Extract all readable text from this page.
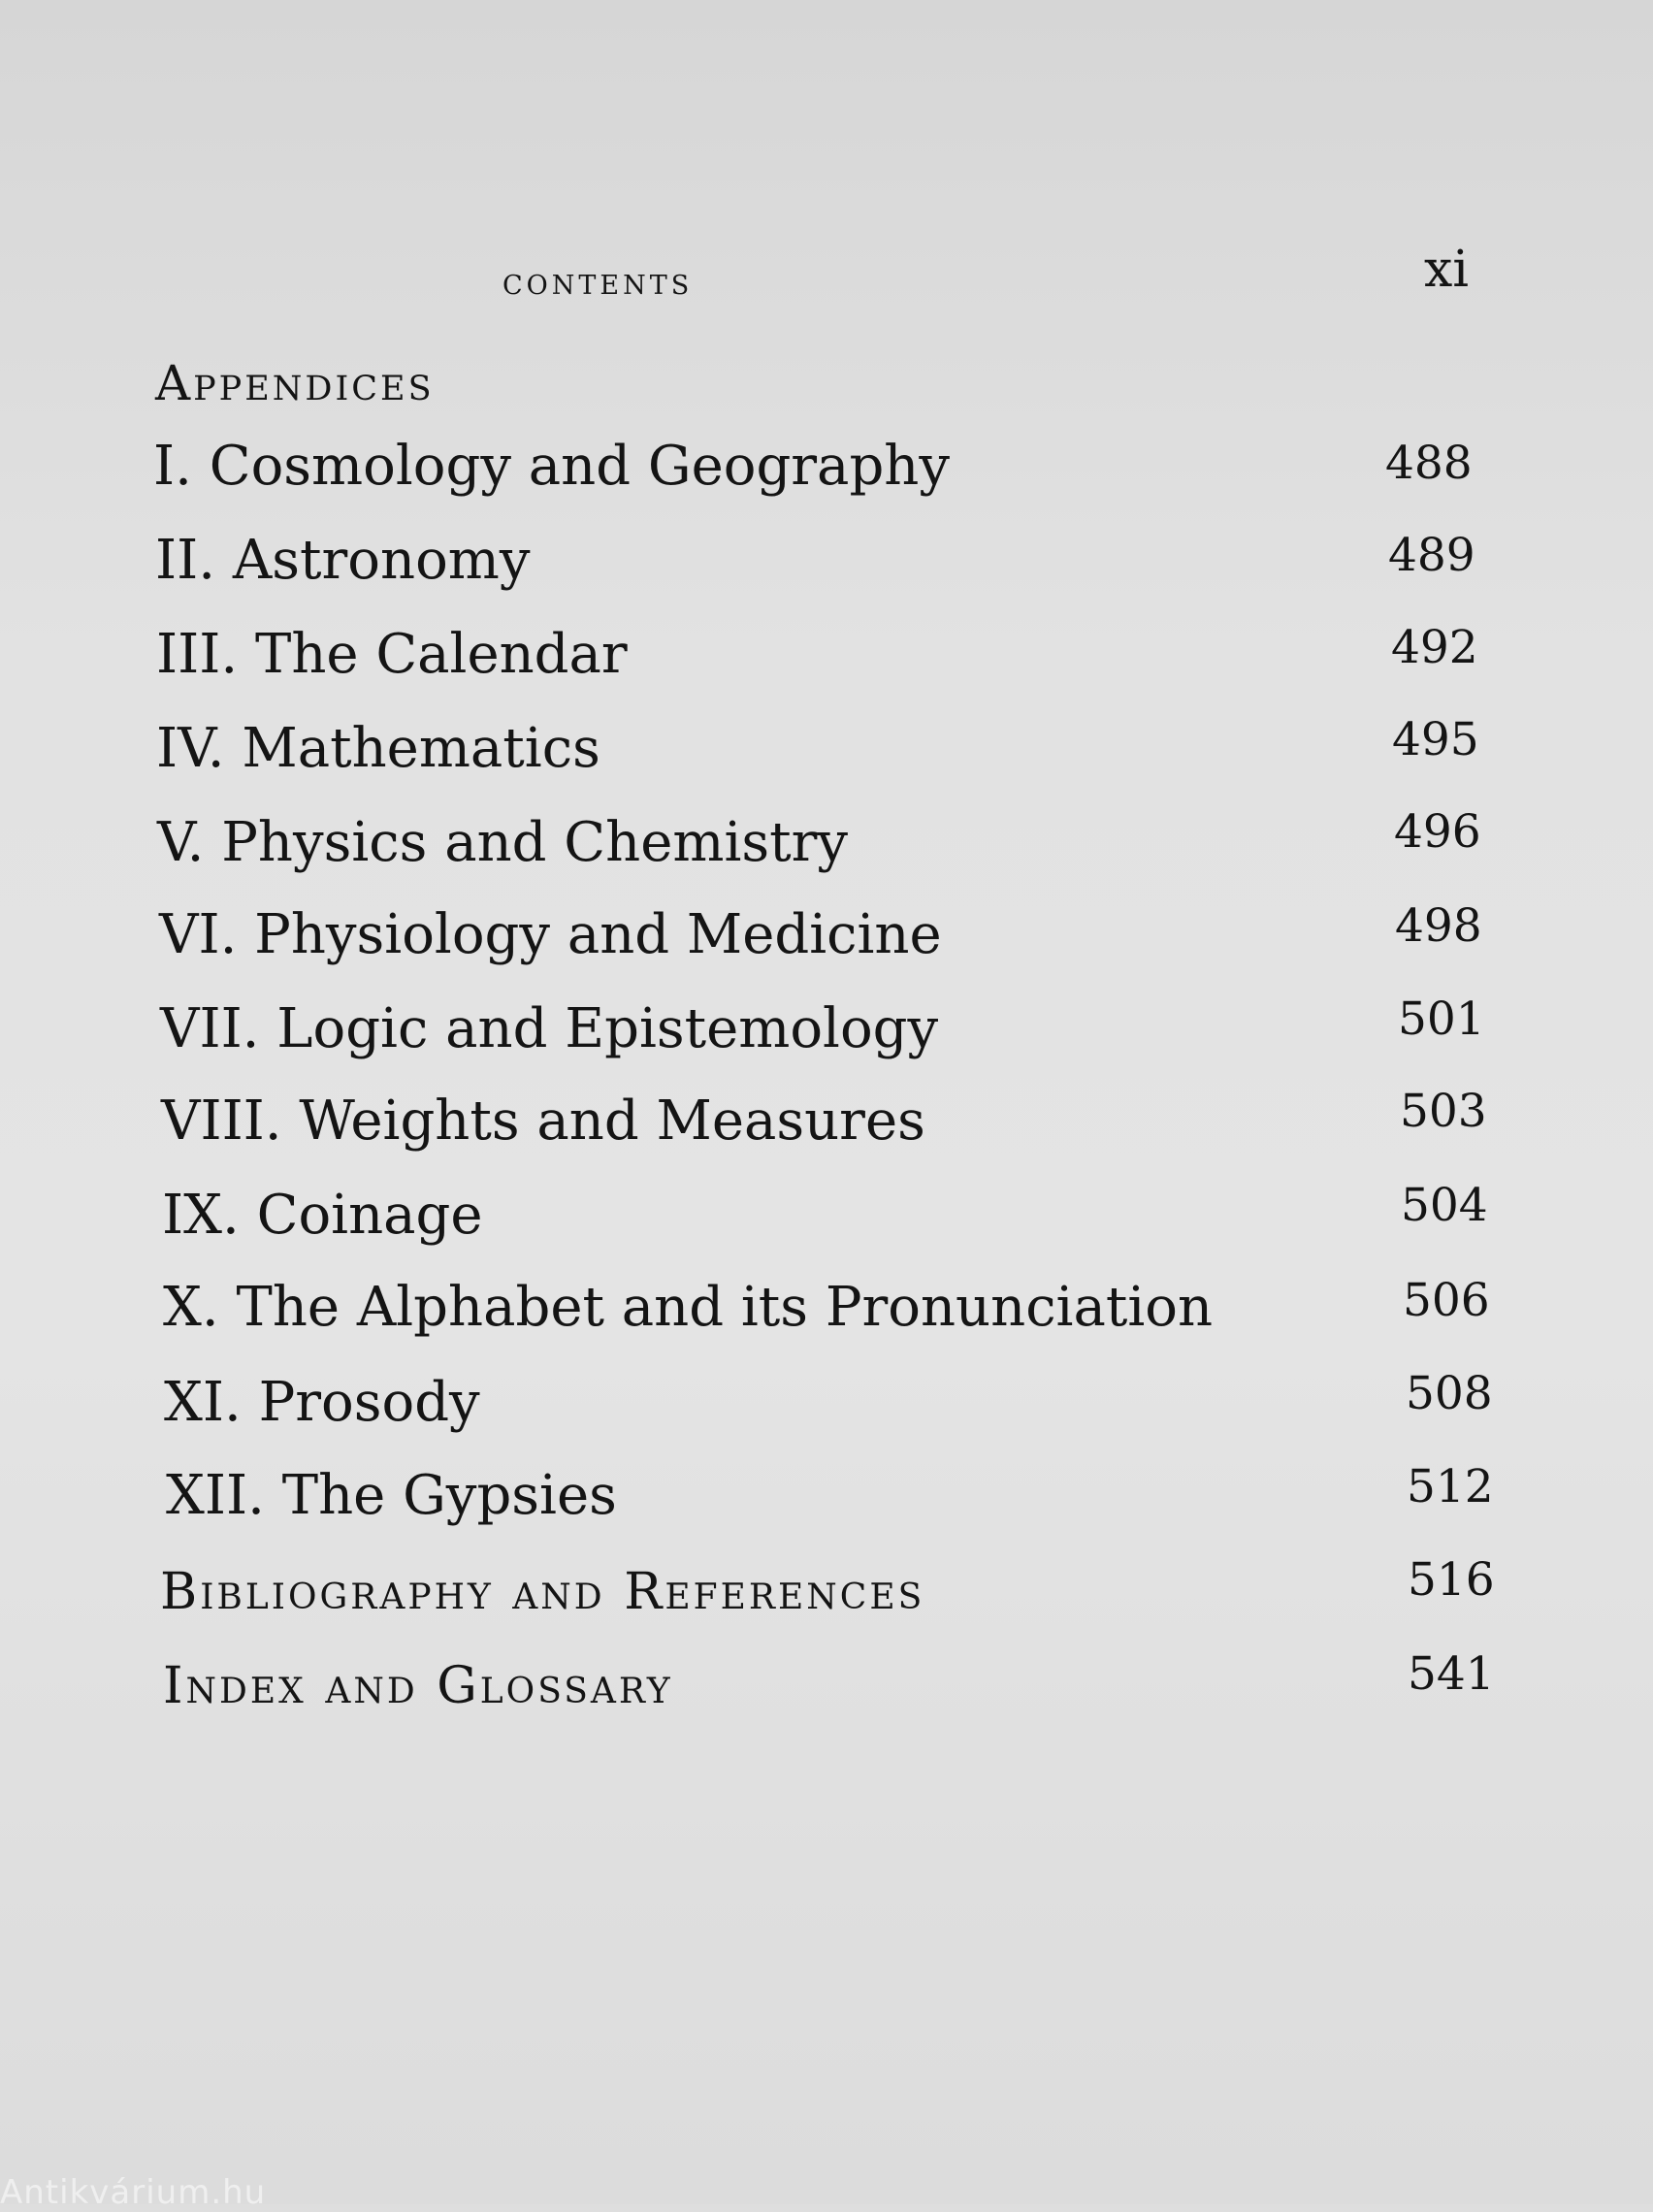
contents	xi
Appendices
I. Cosmology and Geography	488
II. Astronomy	489
III. The Calendar	492
IV. Mathematics	495
V. Physics and Chemistry	496
VI. Physiology and Medicine	498
VII. Logic and Epistemology	501
VIII. Weights and Measures	503
IX. Coinage	504
X. The Alphabet and its Pronunciation	506
XI. Prosody	508
XII. The Gypsies	512
Bibliography and References	516
Index and Glossary	541
Antikvárium.hu
